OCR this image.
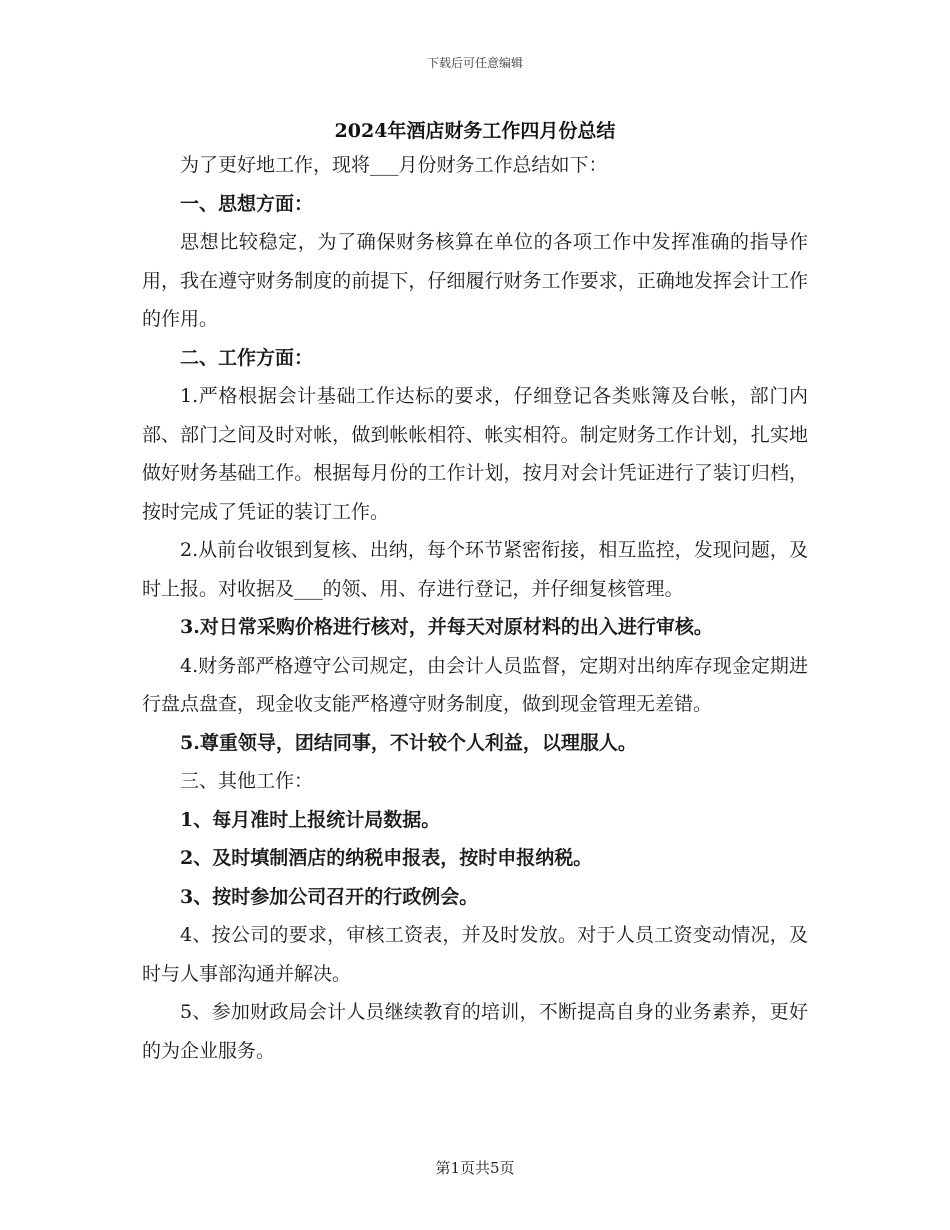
下载后可任意编辑
2024年酒店财务工作四月份总结

为了更好地工作，现将___月份财务工作总结如下：

一、思想方面：

思想比较稳定，为了确保财务核算在单位的各项工作中发挥准确的指导作用，我在遵守财务制度的前提下，仔细履行财务工作要求，正确地发挥会计工作的作用。

二、工作方面：

1.严格根据会计基础工作达标的要求，仔细登记各类账簿及台帐，部门内部、部门之间及时对帐，做到帐帐相符、帐实相符。制定财务工作计划，扎实地做好财务基础工作。根据每月份的工作计划，按月对会计凭证进行了装订归档，按时完成了凭证的装订工作。

2.从前台收银到复核、出纳，每个环节紧密衔接，相互监控，发现问题，及时上报。对收据及___的领、用、存进行登记，并仔细复核管理。

3.对日常采购价格进行核对，并每天对原材料的出入进行审核。

4.财务部严格遵守公司规定，由会计人员监督，定期对出纳库存现金定期进行盘点盘查，现金收支能严格遵守财务制度，做到现金管理无差错。

5.尊重领导，团结同事，不计较个人利益，以理服人。

三、其他工作：

1、每月准时上报统计局数据。

2、及时填制酒店的纳税申报表，按时申报纳税。

3、按时参加公司召开的行政例会。

4、按公司的要求，审核工资表，并及时发放。对于人员工资变动情况，及时与人事部沟通并解决。

5、参加财政局会计人员继续教育的培训，不断提高自身的业务素养，更好的为企业服务。

第1页共5页
